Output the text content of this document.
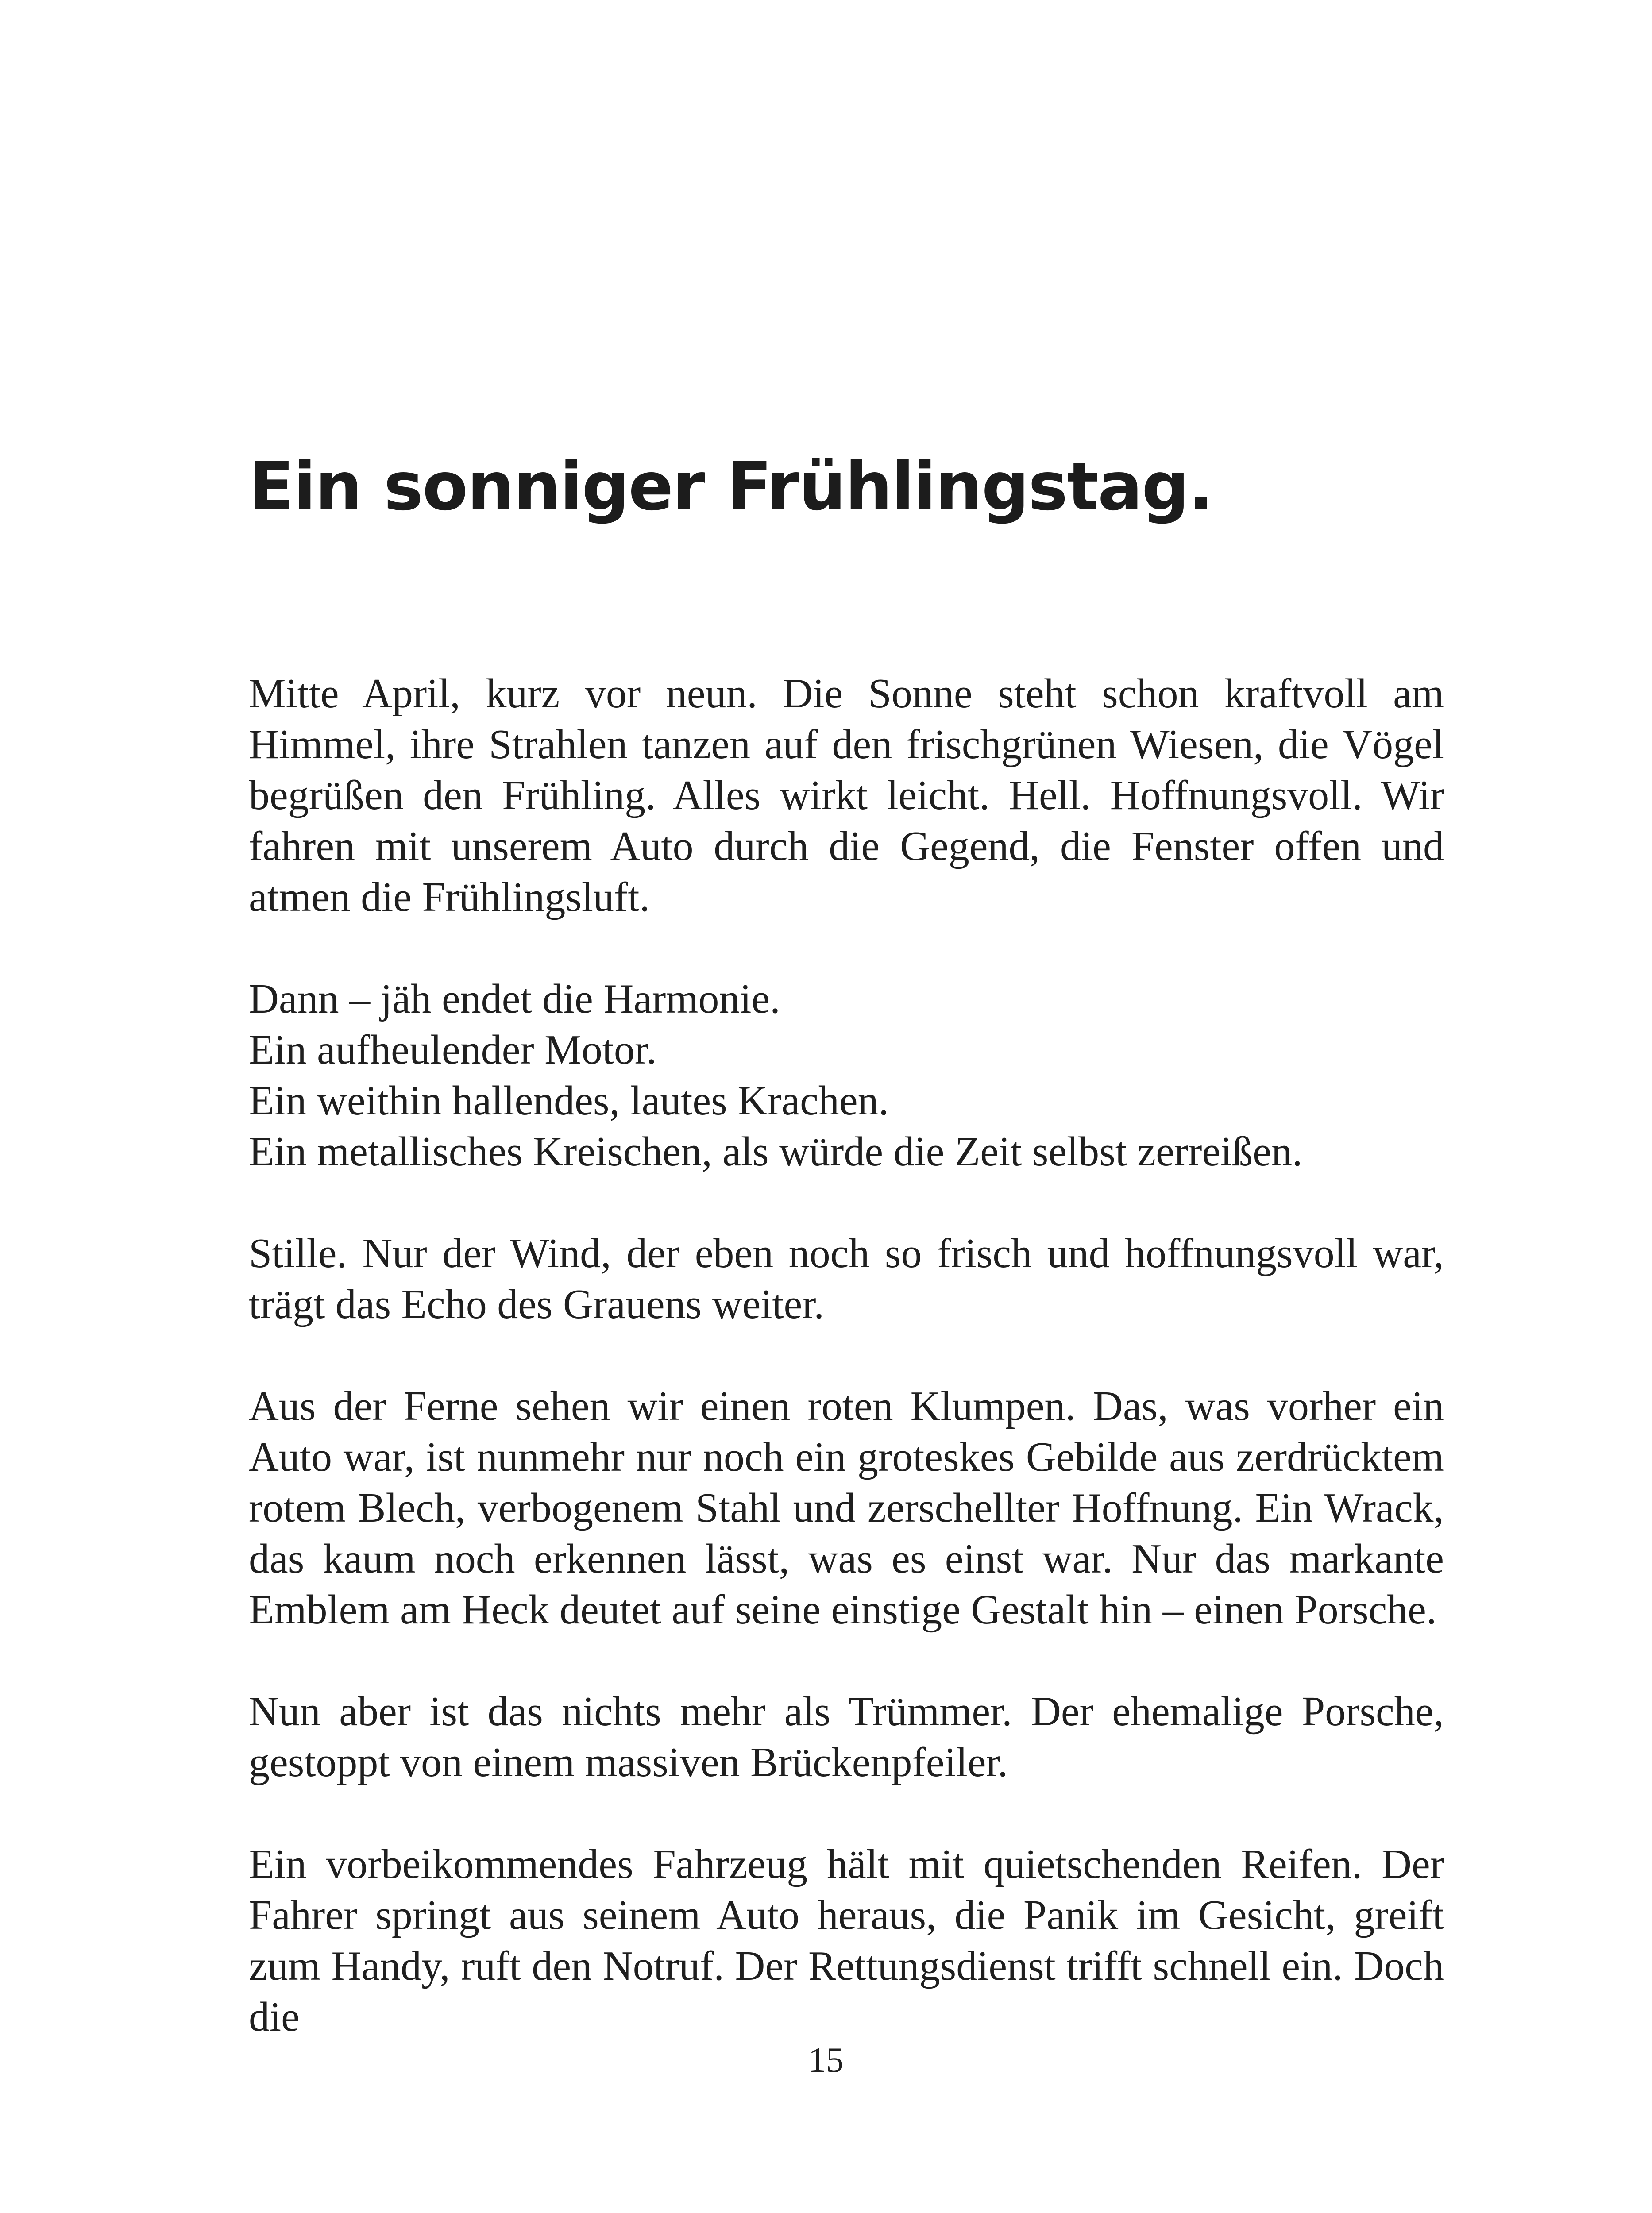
Ein sonniger Frühlingstag.

Mitte April, kurz vor neun. Die Sonne steht schon kraftvoll am Himmel, ihre Strahlen tanzen auf den frischgrünen Wiesen, die Vögel begrüßen den Frühling. Alles wirkt leicht. Hell. Hoffnungsvoll. Wir fahren mit unserem Auto durch die Gegend, die Fenster offen und atmen die Frühlingsluft.

Dann – jäh endet die Harmonie.
Ein aufheulender Motor.
Ein weithin hallendes, lautes Krachen.
Ein metallisches Kreischen, als würde die Zeit selbst zerreißen.

Stille. Nur der Wind, der eben noch so frisch und hoffnungsvoll war, trägt das Echo des Grauens weiter.

Aus der Ferne sehen wir einen roten Klumpen. Das, was vorher ein Auto war, ist nunmehr nur noch ein groteskes Gebilde aus zerdrücktem rotem Blech, verbogenem Stahl und zerschellter Hoffnung. Ein Wrack, das kaum noch erkennen lässt, was es einst war. Nur das markante Emblem am Heck deutet auf seine einstige Gestalt hin – einen Porsche.

Nun aber ist das nichts mehr als Trümmer. Der ehemalige Porsche, gestoppt von einem massiven Brückenpfeiler.

Ein vorbeikommendes Fahrzeug hält mit quietschenden Reifen. Der Fahrer springt aus seinem Auto heraus, die Panik im Gesicht, greift zum Handy, ruft den Notruf. Der Rettungsdienst trifft schnell ein. Doch die

15
